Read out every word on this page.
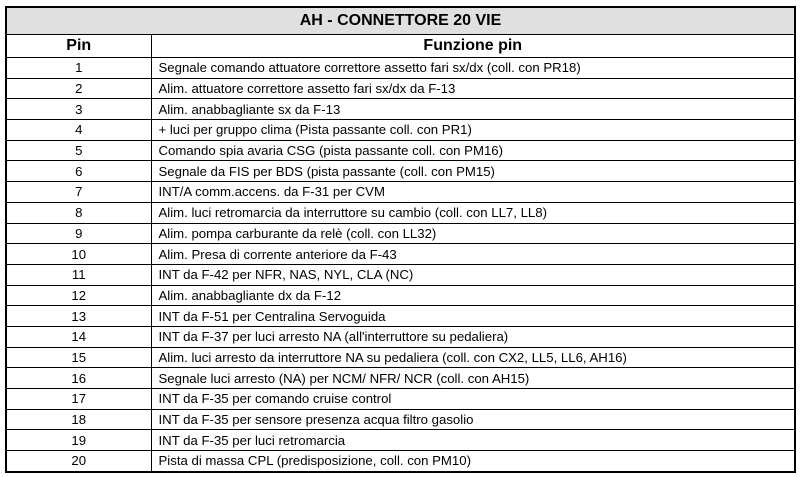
AH - CONNETTORE 20 VIE	
Pin	Funzione pin
1	Segnale comando attuatore correttore assetto fari sx/dx (coll. con PR18)
2	Alim. attuatore correttore assetto fari sx/dx da F-13
3	Alim. anabbagliante sx da F-13
4	+ luci per gruppo clima (Pista passante coll. con PR1)
5	Comando spia avaria CSG (pista passante coll. con PM16)
6	Segnale da FIS per BDS (pista passante (coll. con PM15)
7	INT/A comm.accens. da F-31 per CVM
8	Alim. luci retromarcia da interruttore su cambio (coll. con LL7, LL8)
9	Alim. pompa carburante da relè (coll. con LL32)
10	Alim. Presa di corrente anteriore da F-43
11	INT da F-42 per NFR, NAS, NYL, CLA (NC)
12	Alim. anabbagliante dx da F-12
13	INT da F-51 per Centralina Servoguida
14	INT da F-37 per luci arresto NA (all'interruttore su pedaliera)
15	Alim. luci arresto da interruttore NA su pedaliera (coll. con CX2, LL5, LL6, AH16)
16	Segnale luci arresto (NA) per NCM/ NFR/ NCR (coll. con AH15)
17	INT da F-35 per comando cruise control
18	INT da F-35 per sensore presenza acqua filtro gasolio
19	INT da F-35 per luci retromarcia
20	Pista di massa CPL (predisposizione, coll. con PM10)
